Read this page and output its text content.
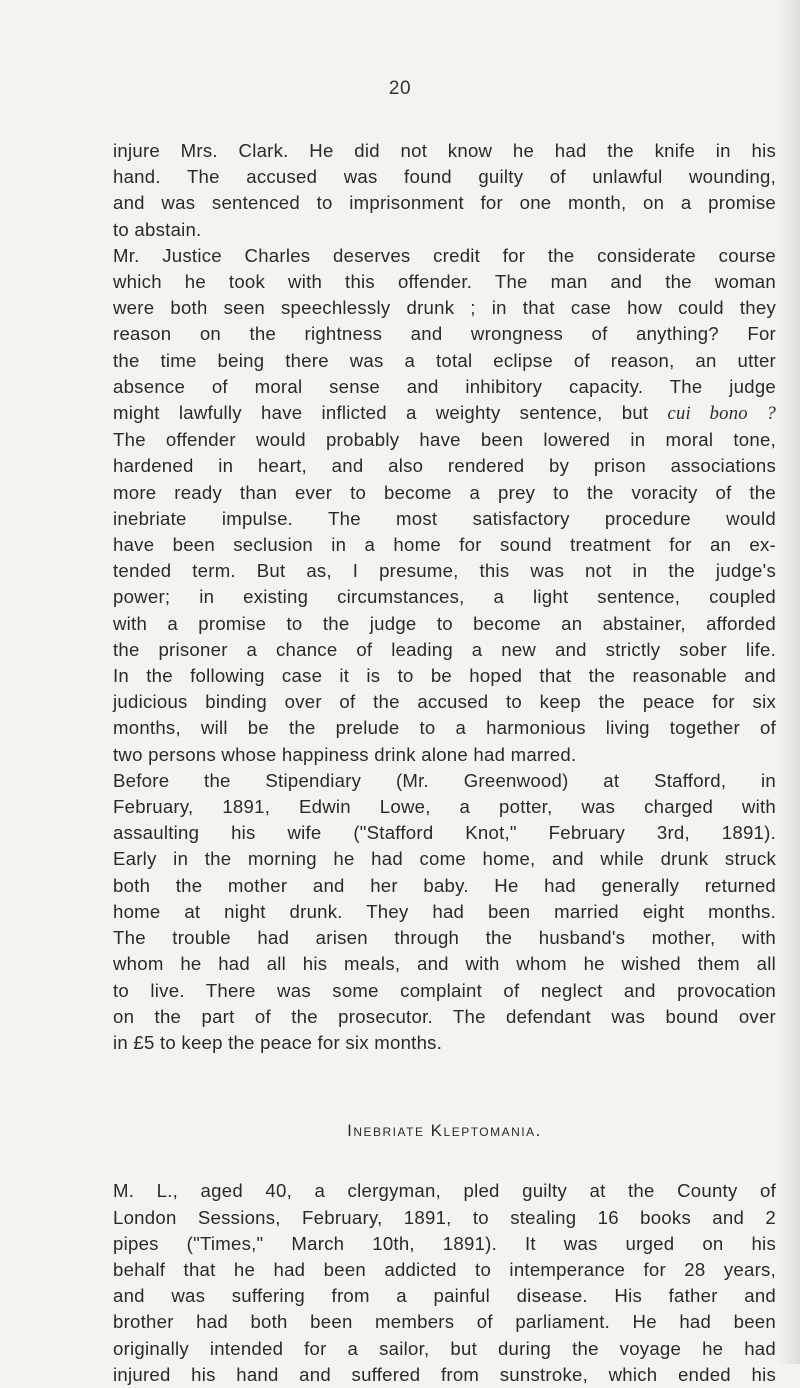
20
injure Mrs. Clark. He did not know he had the knife in his
hand. The accused was found guilty of unlawful wounding,
and was sentenced to imprisonment for one month, on a promise
to abstain.
Mr. Justice Charles deserves credit for the considerate course
which he took with this offender. The man and the woman
were both seen speechlessly drunk ; in that case how could they
reason on the rightness and wrongness of anything? For
the time being there was a total eclipse of reason, an utter
absence of moral sense and inhibitory capacity. The judge
might lawfully have inflicted a weighty sentence, but cui bono ?
The offender would probably have been lowered in moral tone,
hardened in heart, and also rendered by prison associations
more ready than ever to become a prey to the voracity of the
inebriate impulse. The most satisfactory procedure would
have been seclusion in a home for sound treatment for an ex-
tended term. But as, I presume, this was not in the judge's
power; in existing circumstances, a light sentence, coupled
with a promise to the judge to become an abstainer, afforded
the prisoner a chance of leading a new and strictly sober life.
In the following case it is to be hoped that the reasonable and
judicious binding over of the accused to keep the peace for six
months, will be the prelude to a harmonious living together of
two persons whose happiness drink alone had marred.
Before the Stipendiary (Mr. Greenwood) at Stafford, in
February, 1891, Edwin Lowe, a potter, was charged with
assaulting his wife ("Stafford Knot," February 3rd, 1891).
Early in the morning he had come home, and while drunk struck
both the mother and her baby. He had generally returned
home at night drunk. They had been married eight months.
The trouble had arisen through the husband's mother, with
whom he had all his meals, and with whom he wished them all
to live. There was some complaint of neglect and provocation
on the part of the prosecutor. The defendant was bound over
in £5 to keep the peace for six months.
Inebriate Kleptomania.
M. L., aged 40, a clergyman, pled guilty at the County of
London Sessions, February, 1891, to stealing 16 books and 2
pipes ("Times," March 10th, 1891). It was urged on his
behalf that he had been addicted to intemperance for 28 years,
and was suffering from a painful disease. His father and
brother had both been members of parliament. He had been
originally intended for a sailor, but during the voyage he had
injured his hand and suffered from sunstroke, which ended his
